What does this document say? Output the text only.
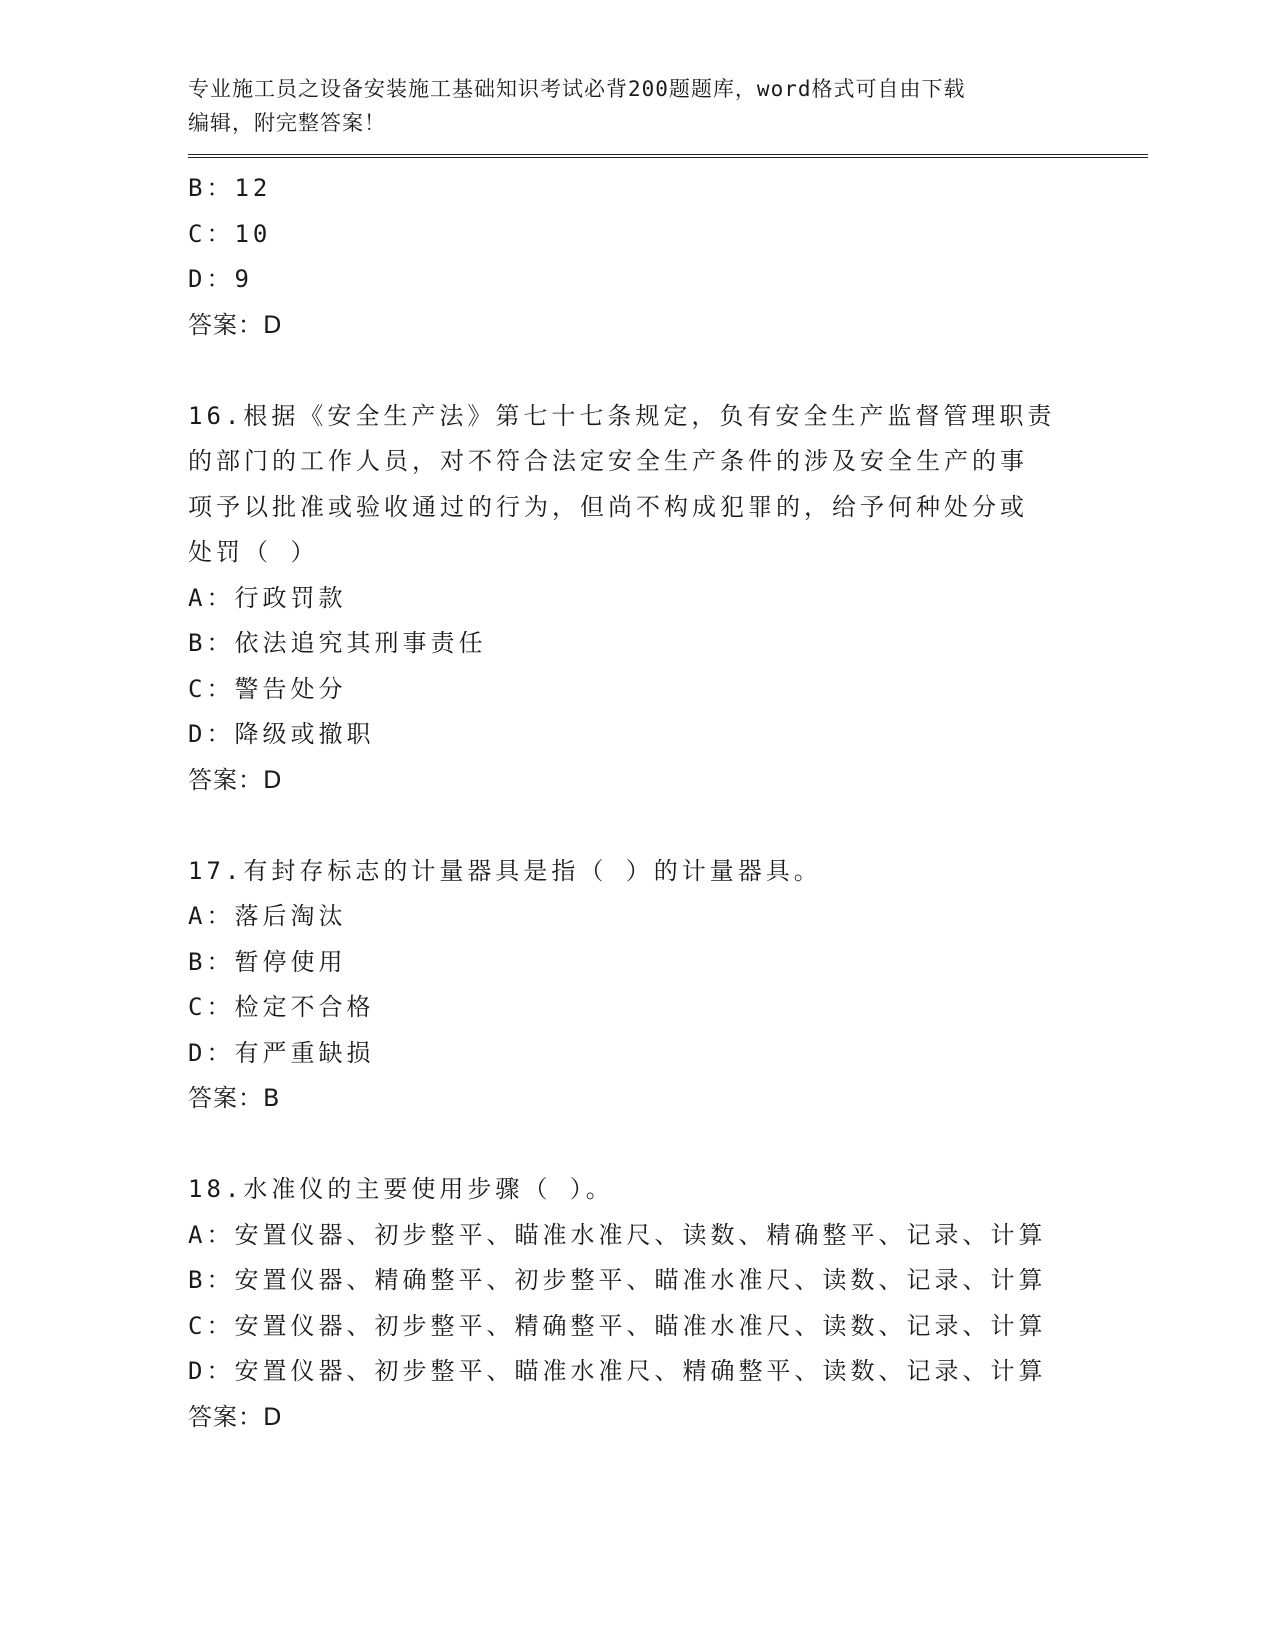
专业施工员之设备安装施工基础知识考试必背200题题库，word格式可自由下载
编辑，附完整答案！
B：12
C：10
D：9
答案：D
16.根据《安全生产法》第七十七条规定，负有安全生产监督管理职责
的部门的工作人员，对不符合法定安全生产条件的涉及安全生产的事
项予以批准或验收通过的行为，但尚不构成犯罪的，给予何种处分或
处罚（ ）
A：行政罚款
B：依法追究其刑事责任
C：警告处分
D：降级或撤职
答案：D
17.有封存标志的计量器具是指（ ）的计量器具。
A：落后淘汰
B：暂停使用
C：检定不合格
D：有严重缺损
答案：B
18.水准仪的主要使用步骤（ ）。
A：安置仪器、初步整平、瞄准水准尺、读数、精确整平、记录、计算
B：安置仪器、精确整平、初步整平、瞄准水准尺、读数、记录、计算
C：安置仪器、初步整平、精确整平、瞄准水准尺、读数、记录、计算
D：安置仪器、初步整平、瞄准水准尺、精确整平、读数、记录、计算
答案：D
